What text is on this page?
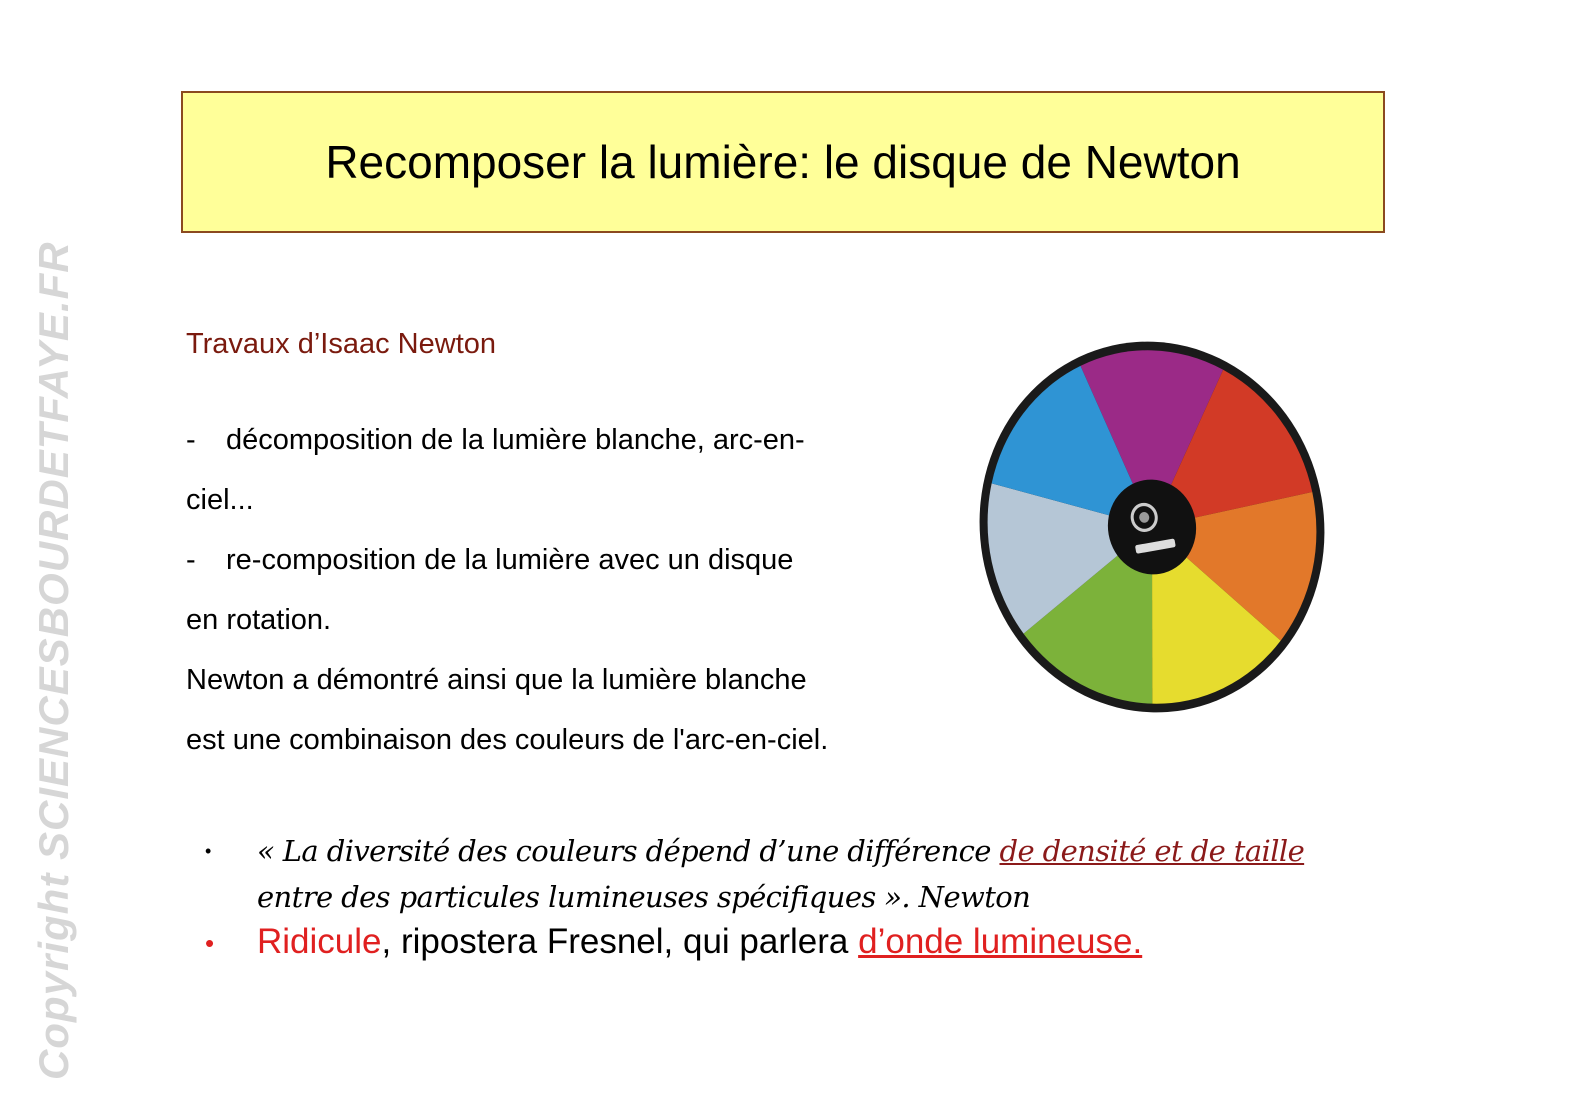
Recomposer la lumière: le disque de Newton
Travaux d’Isaac Newton
- décomposition de la lumière blanche, arc-en-
ciel...
- re-composition de la lumière avec un disque
en rotation.
Newton a démontré ainsi que la lumière blanche
est une combinaison des couleurs de l'arc-en-ciel.
• « La diversité des couleurs dépend d’une différence de densité et de taille entre des particules lumineuses spécifiques ». Newton
• Ridicule, ripostera Fresnel, qui parlera d’onde lumineuse.
Copyright SCIENCESBOURDETFAYE.FR
